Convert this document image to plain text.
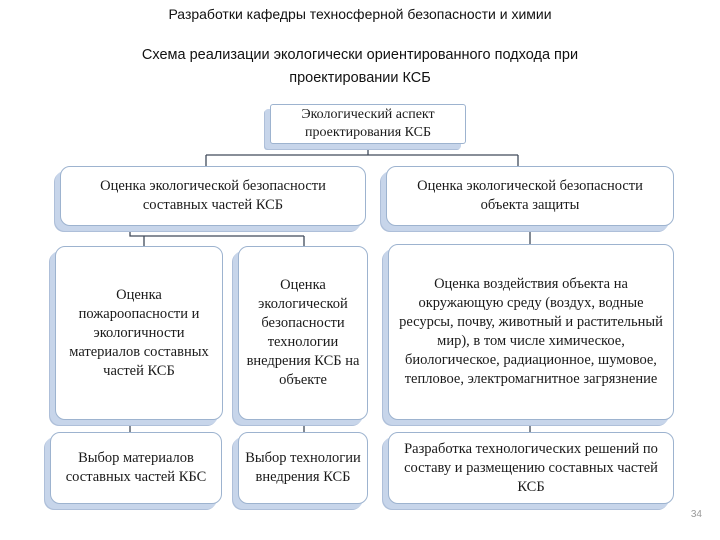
Разработки кафедры техносферной безопасности и химии
Схема реализации экологически ориентированного подхода при
проектировании КСБ
Экологический аспект проектирования КСБ
Оценка экологической безопасности составных частей КСБ
Оценка экологической безопасности объекта защиты
Оценка пожароопасности и экологичности материалов составных частей КСБ
Оценка экологической безопасности технологии внедрения КСБ на объекте
Оценка воздействия объекта на окружающую среду (воздух, водные ресурсы, почву, животный и растительный мир), в том числе химическое, биологическое, радиационное, шумовое, тепловое, электромагнитное загрязнение
Выбор материалов составных частей КБС
Выбор технологии внедрения КСБ
Разработка технологических решений по составу и размещению составных частей КСБ
34
